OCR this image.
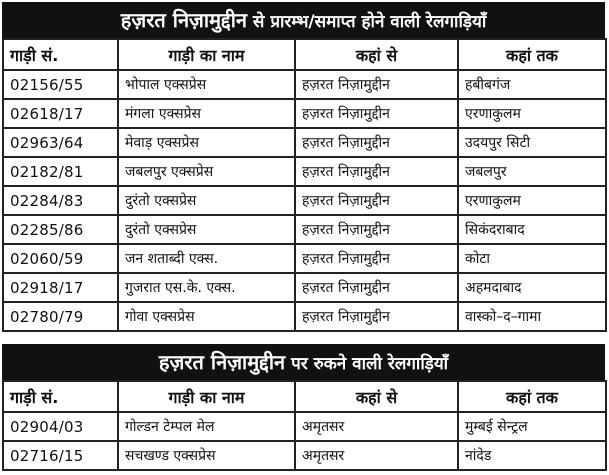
हज़रत निज़ामुद्दीन से प्रारम्भ/समाप्त होने वाली रेलगाड़ियाँ
गाड़ी सं.	गाड़ी का नाम	कहां से	कहां तक
02156/55	भोपाल एक्सप्रेस	हज़रत निज़ामुद्दीन	हबीबगंज
02618/17	मंगला एक्सप्रेस	हज़रत निज़ामुद्दीन	एरणाकुलम
02963/64	मेवाड़ एक्सप्रेस	हज़रत निज़ामुद्दीन	उदयपुर सिटी
02182/81	जबलपुर एक्सप्रेस	हज़रत निज़ामुद्दीन	जबलपुर
02284/83	दुरंतो एक्सप्रेस	हज़रत निज़ामुद्दीन	एरणाकुलम
02285/86	दुरंतो एक्सप्रेस	हज़रत निज़ामुद्दीन	सिकंदराबाद
02060/59	जन शताब्दी एक्स.	हज़रत निज़ामुद्दीन	कोटा
02918/17	गुजरात एस.के. एक्स.	हज़रत निज़ामुद्दीन	अहमदाबाद
02780/79	गोवा एक्सप्रेस	हज़रत निज़ामुद्दीन	वास्को–द–गामा
हज़रत निज़ामुद्दीन पर रुकने वाली रेलगाड़ियाँ
गाड़ी सं.	गाड़ी का नाम	कहां से	कहां तक
02904/03	गोल्डन टेम्पल मेल	अमृतसर	मुम्बई सेन्ट्रल
02716/15	सचखण्ड एक्सप्रेस	अमृतसर	नांदेड
